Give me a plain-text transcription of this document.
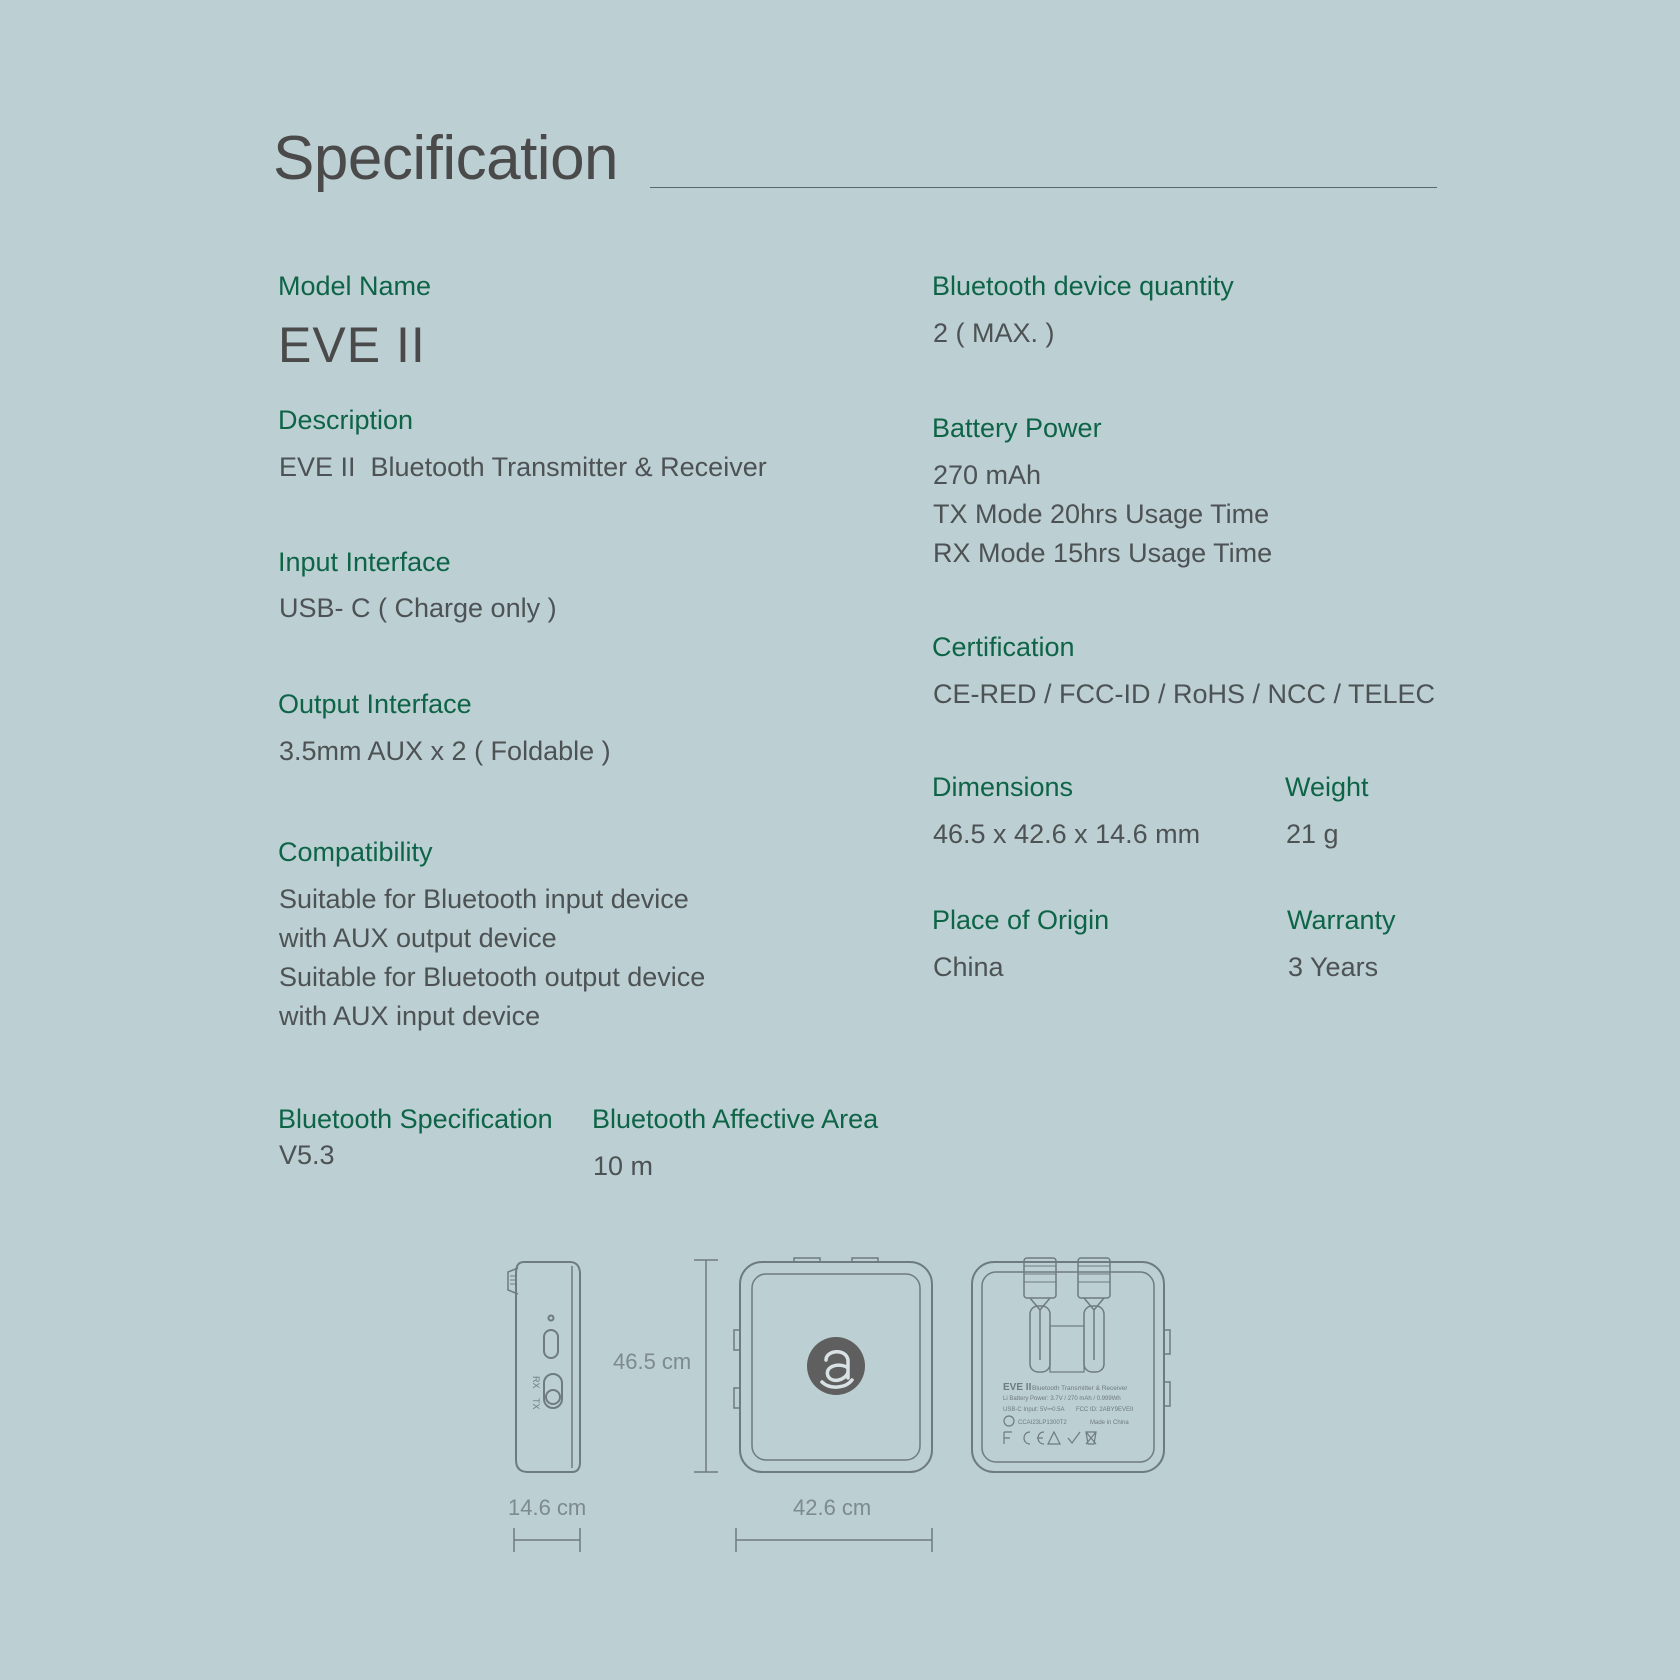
Specification
Model Name
EVE II
Description
EVE II  Bluetooth Transmitter & Receiver
Input Interface
USB- C ( Charge only )
Output Interface
3.5mm AUX x 2 ( Foldable )
Compatibility
Suitable for Bluetooth input device
with AUX output device
Suitable for Bluetooth output device
with AUX input device
Bluetooth Specification
V5.3
Bluetooth Affective Area
10 m
Bluetooth device quantity
2 ( MAX. )
Battery Power
270 mAh
TX Mode 20hrs Usage Time
RX Mode 15hrs Usage Time
Certification
CE-RED / FCC-ID / RoHS / NCC / TELEC
Dimensions
46.5 x 42.6 x 14.6 mm
Weight
21 g
Place of Origin
China
Warranty
3 Years
EVE II Bluetooth Transmitter & Receiver
Li Battery Power: 3.7V / 270 mAh / 0.999Wh
USB-C Input: 5V⎓0.5A FCC ID: 2ABY9EVEII
CCAI23LP1300T2	Made in China
RX
TX
46.5 cm
14.6 cm	42.6 cm
